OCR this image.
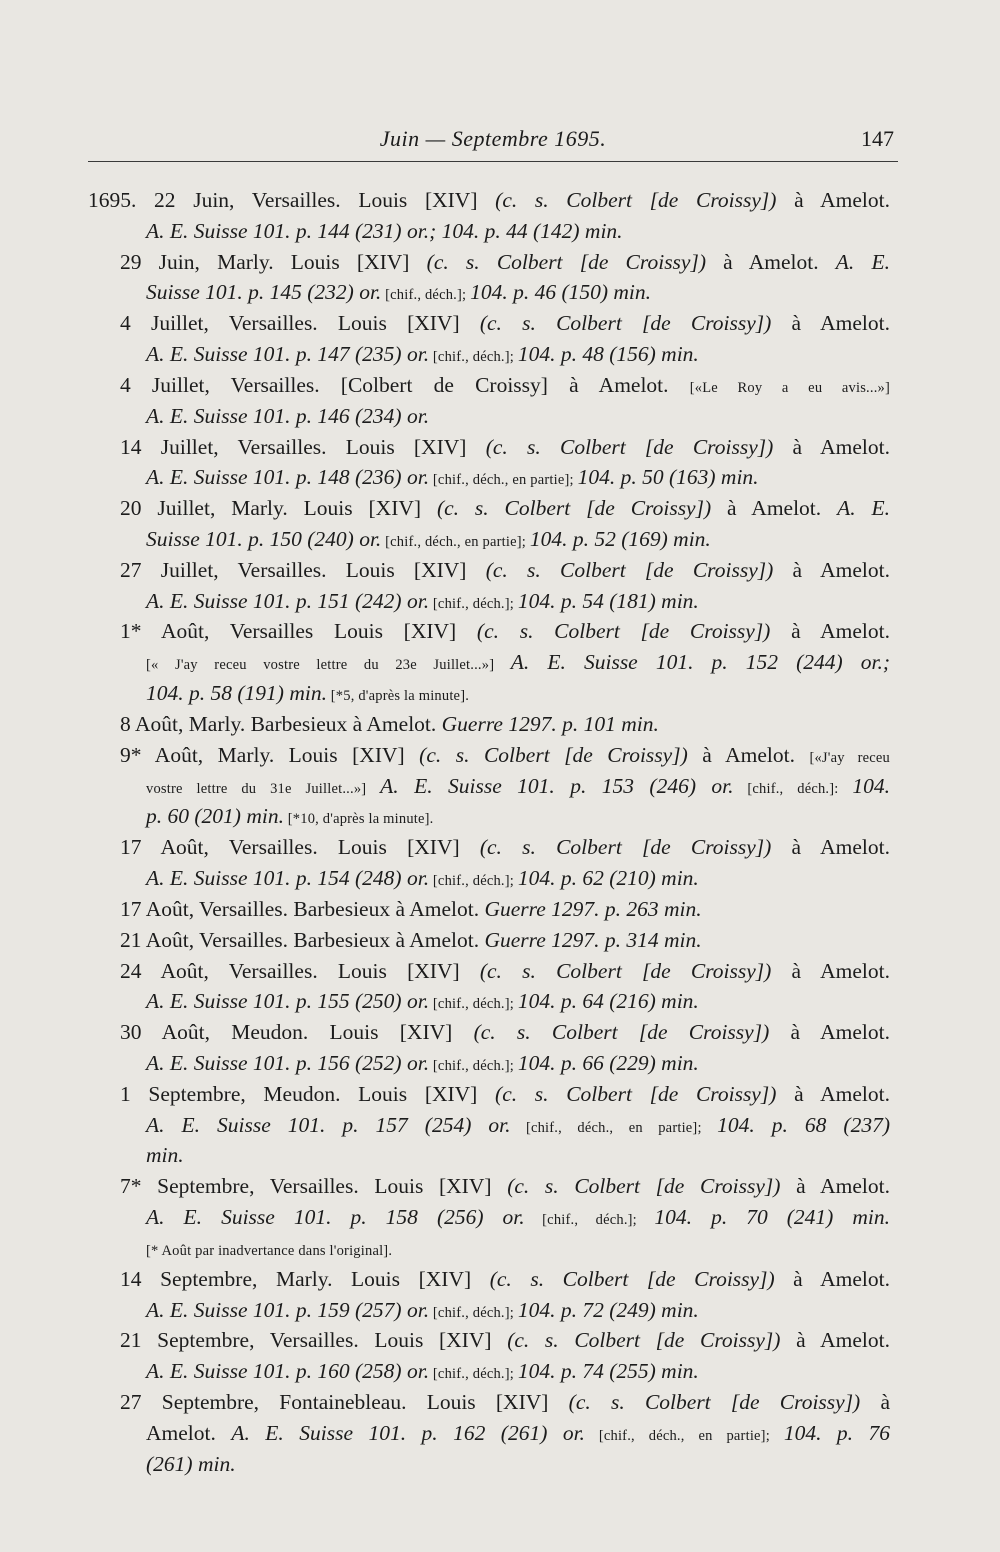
Juin — Septembre 1695.	147
1695. 22 Juin, Versailles. Louis [XIV] (c. s. Colbert [de Croissy]) à Amelot.
A. E. Suisse 101. p. 144 (231) or.; 104. p. 44 (142) min.
29 Juin, Marly. Louis [XIV] (c. s. Colbert [de Croissy]) à Amelot. A. E.
Suisse 101. p. 145 (232) or. [chif., déch.]; 104. p. 46 (150) min.
4 Juillet, Versailles. Louis [XIV] (c. s. Colbert [de Croissy]) à Amelot.
A. E. Suisse 101. p. 147 (235) or. [chif., déch.]; 104. p. 48 (156) min.
4 Juillet, Versailles. [Colbert de Croissy] à Amelot. [«Le Roy a eu avis...»]
A. E. Suisse 101. p. 146 (234) or.
14 Juillet, Versailles. Louis [XIV] (c. s. Colbert [de Croissy]) à Amelot.
A. E. Suisse 101. p. 148 (236) or. [chif., déch., en partie]; 104. p. 50 (163) min.
20 Juillet, Marly. Louis [XIV] (c. s. Colbert [de Croissy]) à Amelot. A. E.
Suisse 101. p. 150 (240) or. [chif., déch., en partie]; 104. p. 52 (169) min.
27 Juillet, Versailles. Louis [XIV] (c. s. Colbert [de Croissy]) à Amelot.
A. E. Suisse 101. p. 151 (242) or. [chif., déch.]; 104. p. 54 (181) min.
1* Août, Versailles Louis [XIV] (c. s. Colbert [de Croissy]) à Amelot.
[« J'ay receu vostre lettre du 23e Juillet...»] A. E. Suisse 101. p. 152 (244) or.;
104. p. 58 (191) min. [*5, d'après la minute].
8 Août, Marly. Barbesieux à Amelot. Guerre 1297. p. 101 min.
9* Août, Marly. Louis [XIV] (c. s. Colbert [de Croissy]) à Amelot. [«J'ay receu
vostre lettre du 31e Juillet...»] A. E. Suisse 101. p. 153 (246) or. [chif., déch.]: 104.
p. 60 (201) min. [*10, d'après la minute].
17 Août, Versailles. Louis [XIV] (c. s. Colbert [de Croissy]) à Amelot.
A. E. Suisse 101. p. 154 (248) or. [chif., déch.]; 104. p. 62 (210) min.
17 Août, Versailles. Barbesieux à Amelot. Guerre 1297. p. 263 min.
21 Août, Versailles. Barbesieux à Amelot. Guerre 1297. p. 314 min.
24 Août, Versailles. Louis [XIV] (c. s. Colbert [de Croissy]) à Amelot.
A. E. Suisse 101. p. 155 (250) or. [chif., déch.]; 104. p. 64 (216) min.
30 Août, Meudon. Louis [XIV] (c. s. Colbert [de Croissy]) à Amelot.
A. E. Suisse 101. p. 156 (252) or. [chif., déch.]; 104. p. 66 (229) min.
1 Septembre, Meudon. Louis [XIV] (c. s. Colbert [de Croissy]) à Amelot.
A. E. Suisse 101. p. 157 (254) or. [chif., déch., en partie]; 104. p. 68 (237)
min.
7* Septembre, Versailles. Louis [XIV] (c. s. Colbert [de Croissy]) à Amelot.
A. E. Suisse 101. p. 158 (256) or. [chif., déch.]; 104. p. 70 (241) min.
[* Août par inadvertance dans l'original].
14 Septembre, Marly. Louis [XIV] (c. s. Colbert [de Croissy]) à Amelot.
A. E. Suisse 101. p. 159 (257) or. [chif., déch.]; 104. p. 72 (249) min.
21 Septembre, Versailles. Louis [XIV] (c. s. Colbert [de Croissy]) à Amelot.
A. E. Suisse 101. p. 160 (258) or. [chif., déch.]; 104. p. 74 (255) min.
27 Septembre, Fontainebleau. Louis [XIV] (c. s. Colbert [de Croissy]) à
Amelot. A. E. Suisse 101. p. 162 (261) or. [chif., déch., en partie]; 104. p. 76
(261) min.
